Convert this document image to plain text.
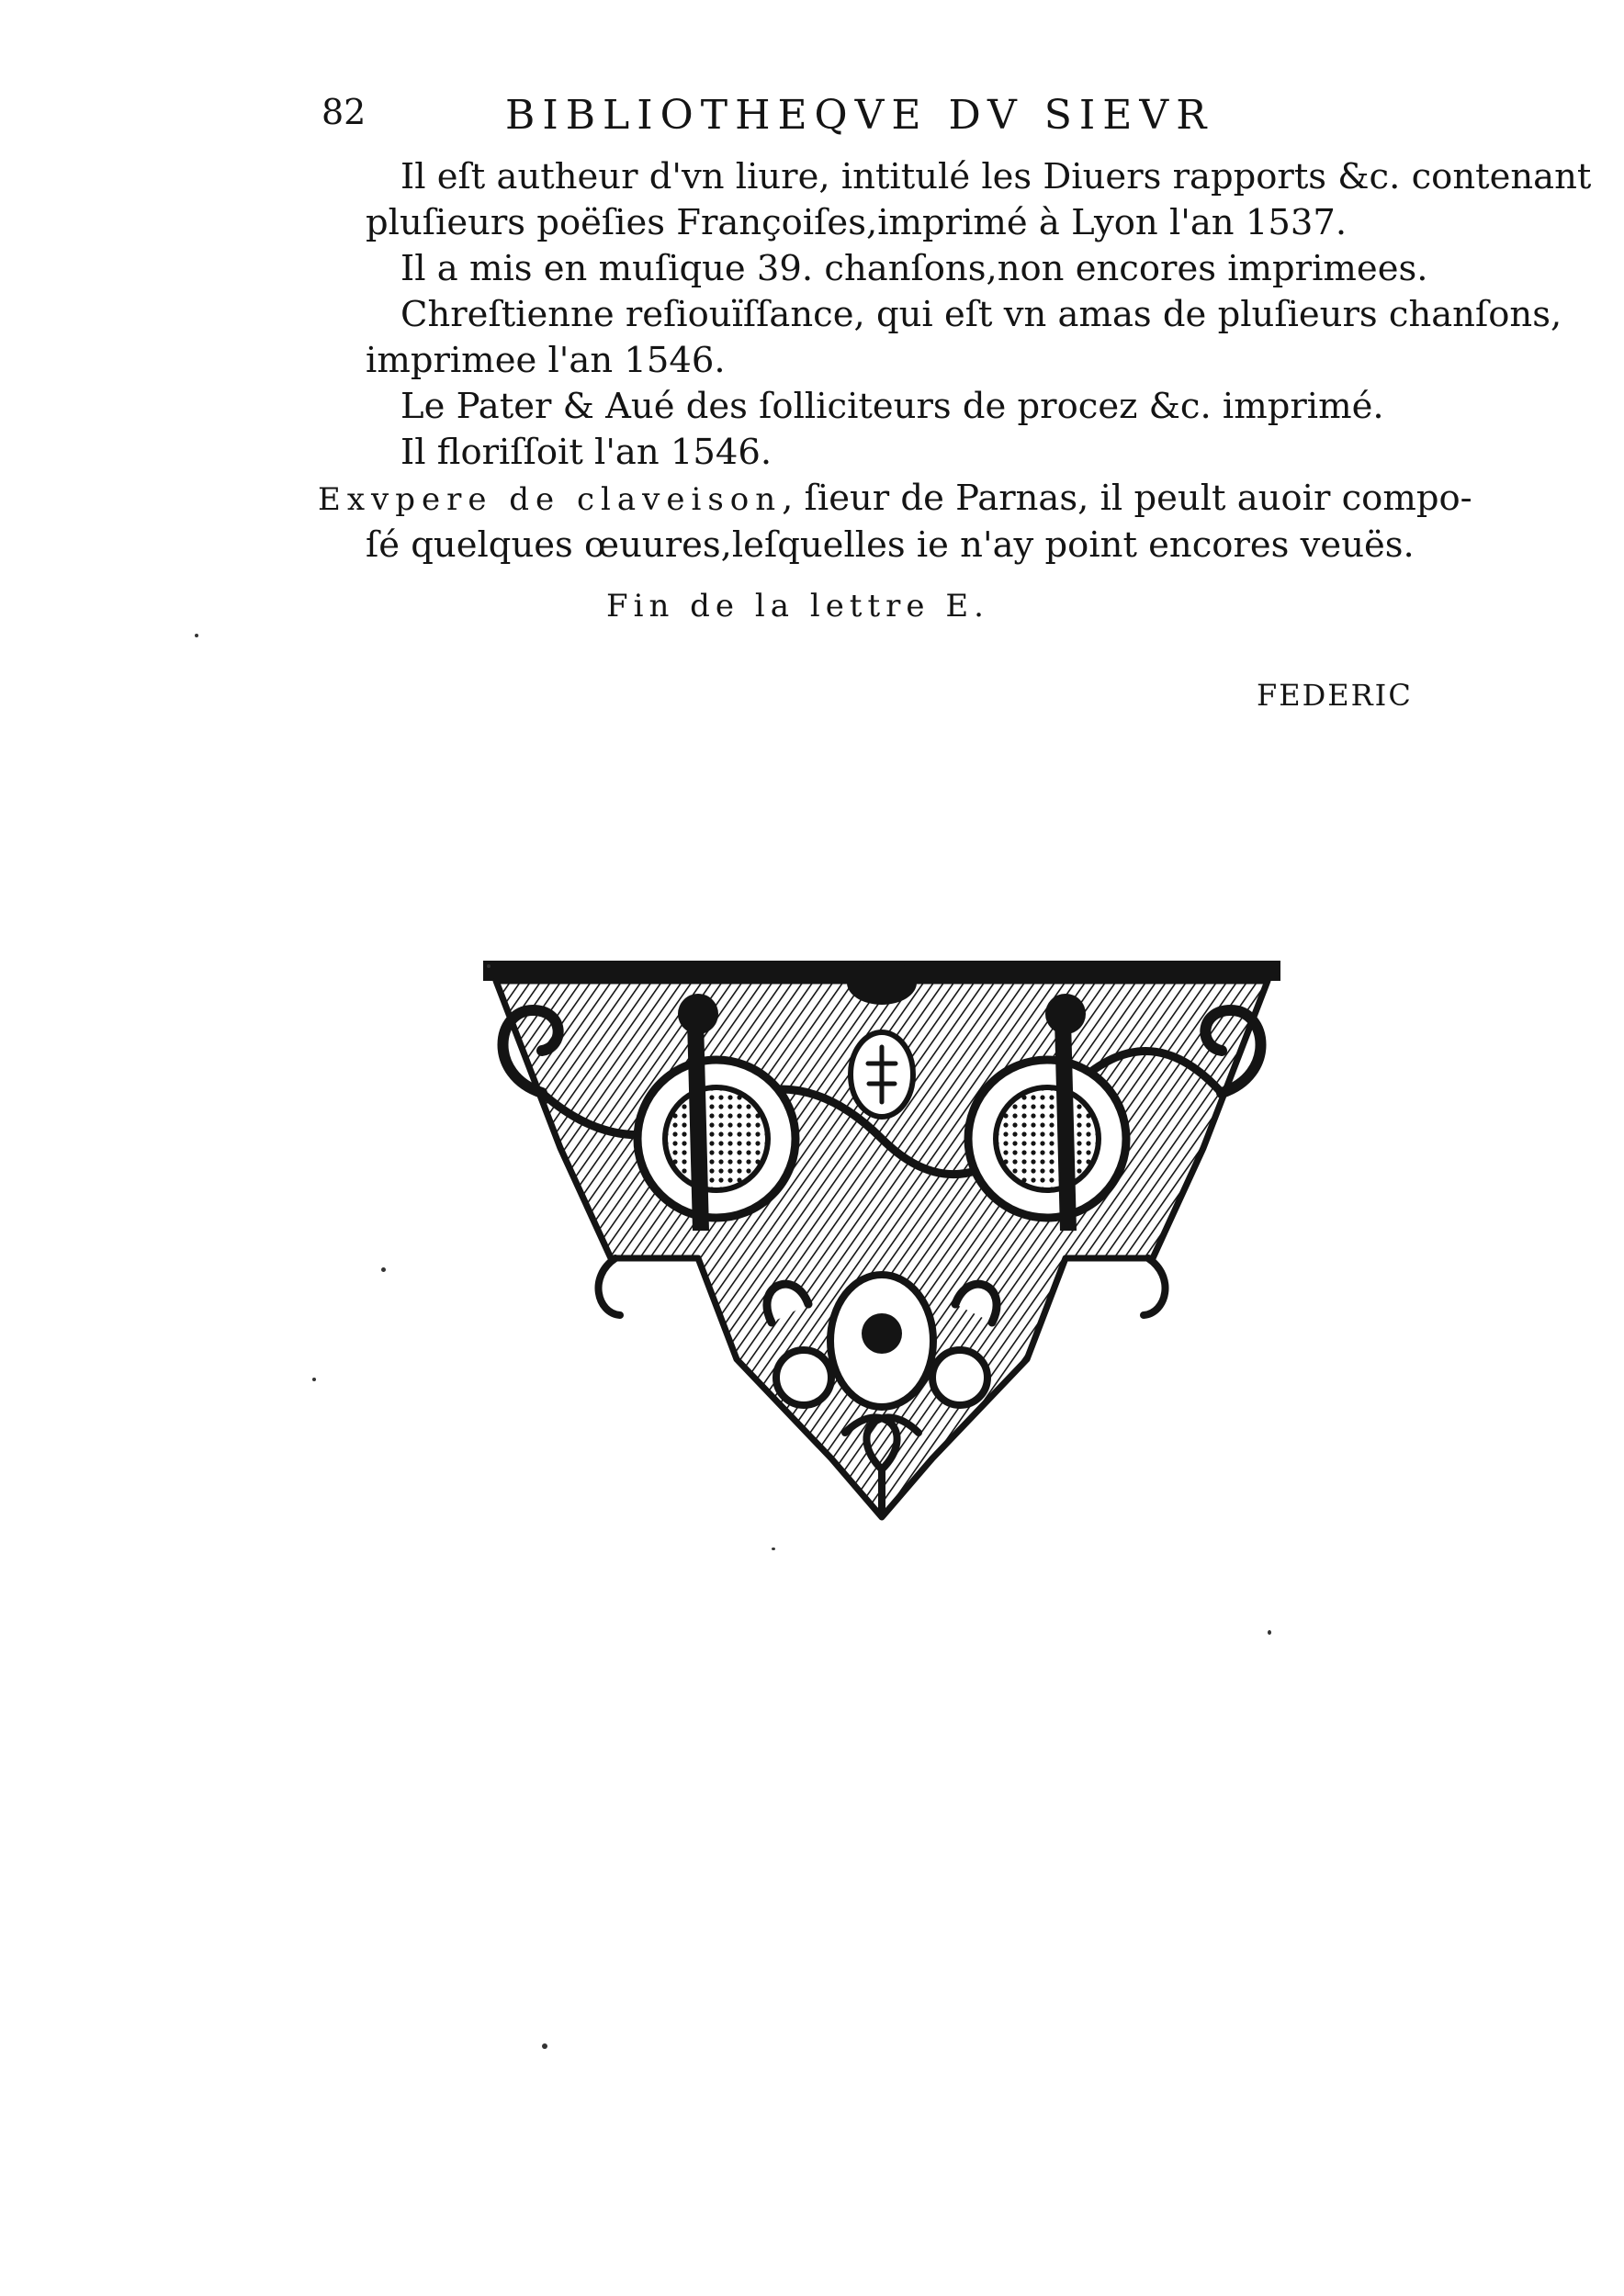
82	BIBLIOTHEQVE DV SIEVR
Il eſt autheur d'vn liure, intitulé les Diuers rapports &c. contenant
pluſieurs poëſies Françoiſes,imprimé à Lyon l'an 1537.
Il a mis en muſique 39. chanſons,non encores imprimees.
Chreſtienne reſiouïſſance, qui eſt vn amas de pluſieurs chanſons,
imprimee l'an 1546.
Le Pater & Aué des ſolliciteurs de procez &c. imprimé.
Il floriſſoit l'an 1546.
Exvpere de claveison, ſieur de Parnas, il peult auoir compo-
ſé quelques œuures,leſquelles ie n'ay point encores veuës.
Fin de la lettre E.
FEDERIC
